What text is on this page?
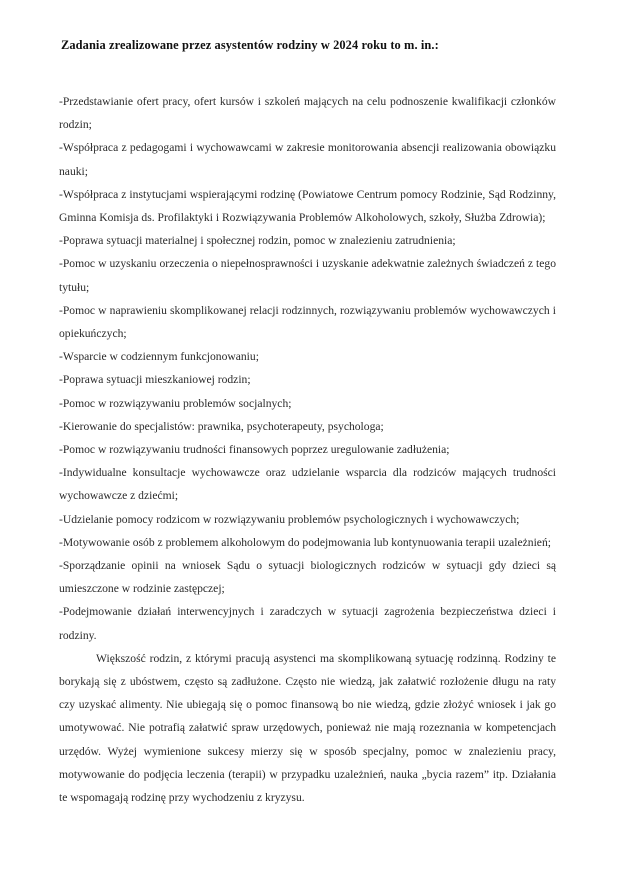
Zadania zrealizowane przez asystentów rodziny w 2024 roku to m. in.:

-Przedstawianie ofert pracy, ofert kursów i szkoleń mających na celu podnoszenie kwalifikacji członków rodzin;

-Współpraca z pedagogami i wychowawcami w zakresie monitorowania absencji realizowania obowiązku nauki;

-Współpraca z instytucjami wspierającymi rodzinę (Powiatowe Centrum pomocy Rodzinie, Sąd Rodzinny, Gminna Komisja ds. Profilaktyki i Rozwiązywania Problemów Alkoholowych, szkoły, Służba Zdrowia);

-Poprawa sytuacji materialnej i społecznej rodzin, pomoc w znalezieniu zatrudnienia;

-Pomoc w uzyskaniu orzeczenia o niepełnosprawności i uzyskanie adekwatnie zależnych świadczeń z tego tytułu;

-Pomoc w naprawieniu skomplikowanej relacji rodzinnych, rozwiązywaniu problemów wychowawczych i opiekuńczych;

-Wsparcie w codziennym funkcjonowaniu;

-Poprawa sytuacji mieszkaniowej rodzin;

-Pomoc w rozwiązywaniu problemów socjalnych;

-Kierowanie do specjalistów: prawnika, psychoterapeuty, psychologa;

-Pomoc w rozwiązywaniu trudności finansowych poprzez uregulowanie zadłużenia;

-Indywidualne konsultacje wychowawcze oraz udzielanie wsparcia dla rodziców mających trudności wychowawcze z dziećmi;

-Udzielanie pomocy rodzicom w rozwiązywaniu problemów psychologicznych i wychowawczych;

-Motywowanie osób z problemem alkoholowym do podejmowania lub kontynuowania terapii uzależnień;

-Sporządzanie opinii na wniosek Sądu o sytuacji biologicznych rodziców w sytuacji gdy dzieci są umieszczone w rodzinie zastępczej;

-Podejmowanie działań interwencyjnych i zaradczych w sytuacji zagrożenia bezpieczeństwa dzieci i rodziny.

Większość rodzin, z którymi pracują asystenci ma skomplikowaną sytuację rodzinną. Rodziny te borykają się z ubóstwem, często są zadłużone. Często nie wiedzą, jak załatwić rozłożenie długu na raty czy uzyskać alimenty. Nie ubiegają się o pomoc finansową bo nie wiedzą, gdzie złożyć wniosek i jak go umotywować. Nie potrafią załatwić spraw urzędowych, ponieważ nie mają rozeznania w kompetencjach urzędów. Wyżej wymienione sukcesy mierzy się w sposób specjalny, pomoc w znalezieniu pracy, motywowanie do podjęcia leczenia (terapii) w przypadku uzależnień, nauka „bycia razem” itp. Działania te wspomagają rodzinę przy wychodzeniu z kryzysu.
